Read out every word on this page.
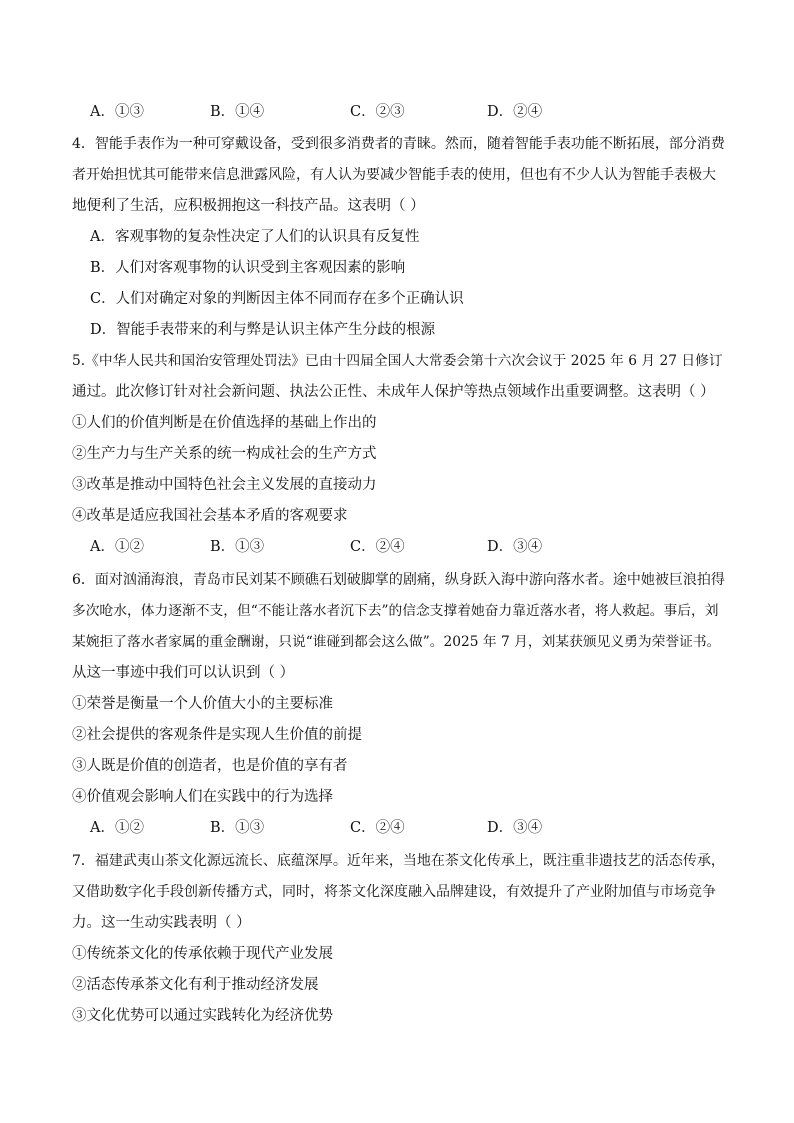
A．①③	B．①④	C．②③	D．②④
4．智能手表作为一种可穿戴设备，受到很多消费者的青睐。然而，随着智能手表功能不断拓展，部分消费
者开始担忧其可能带来信息泄露风险，有人认为要减少智能手表的使用，但也有不少人认为智能手表极大
地便利了生活，应积极拥抱这一科技产品。这表明（ ）
A．客观事物的复杂性决定了人们的认识具有反复性
B．人们对客观事物的认识受到主客观因素的影响
C．人们对确定对象的判断因主体不同而存在多个正确认识
D．智能手表带来的利与弊是认识主体产生分歧的根源
5.《中华人民共和国治安管理处罚法》已由十四届全国人大常委会第十六次会议于 2025 年 6 月 27 日修订
通过。此次修订针对社会新问题、执法公正性、未成年人保护等热点领域作出重要调整。这表明（ ）
①人们的价值判断是在价值选择的基础上作出的
②生产力与生产关系的统一构成社会的生产方式
③改革是推动中国特色社会主义发展的直接动力
④改革是适应我国社会基本矛盾的客观要求
A．①②	B．①③	C．②④	D．③④
6．面对汹涌海浪，青岛市民刘某不顾礁石划破脚掌的剧痛，纵身跃入海中游向落水者。途中她被巨浪拍得
多次呛水，体力逐渐不支，但“不能让落水者沉下去”的信念支撑着她奋力靠近落水者，将人救起。事后，刘
某婉拒了落水者家属的重金酬谢，只说“谁碰到都会这么做”。2025 年 7 月，刘某获颁见义勇为荣誉证书。
从这一事迹中我们可以认识到（ ）
①荣誉是衡量一个人价值大小的主要标准
②社会提供的客观条件是实现人生价值的前提
③人既是价值的创造者，也是价值的享有者
④价值观会影响人们在实践中的行为选择
A．①②	B．①③	C．②④	D．③④
7．福建武夷山茶文化源远流长、底蕴深厚。近年来，当地在茶文化传承上，既注重非遗技艺的活态传承，
又借助数字化手段创新传播方式，同时，将茶文化深度融入品牌建设，有效提升了产业附加值与市场竞争
力。这一生动实践表明（ ）
①传统茶文化的传承依赖于现代产业发展
②活态传承茶文化有利于推动经济发展
③文化优势可以通过实践转化为经济优势
